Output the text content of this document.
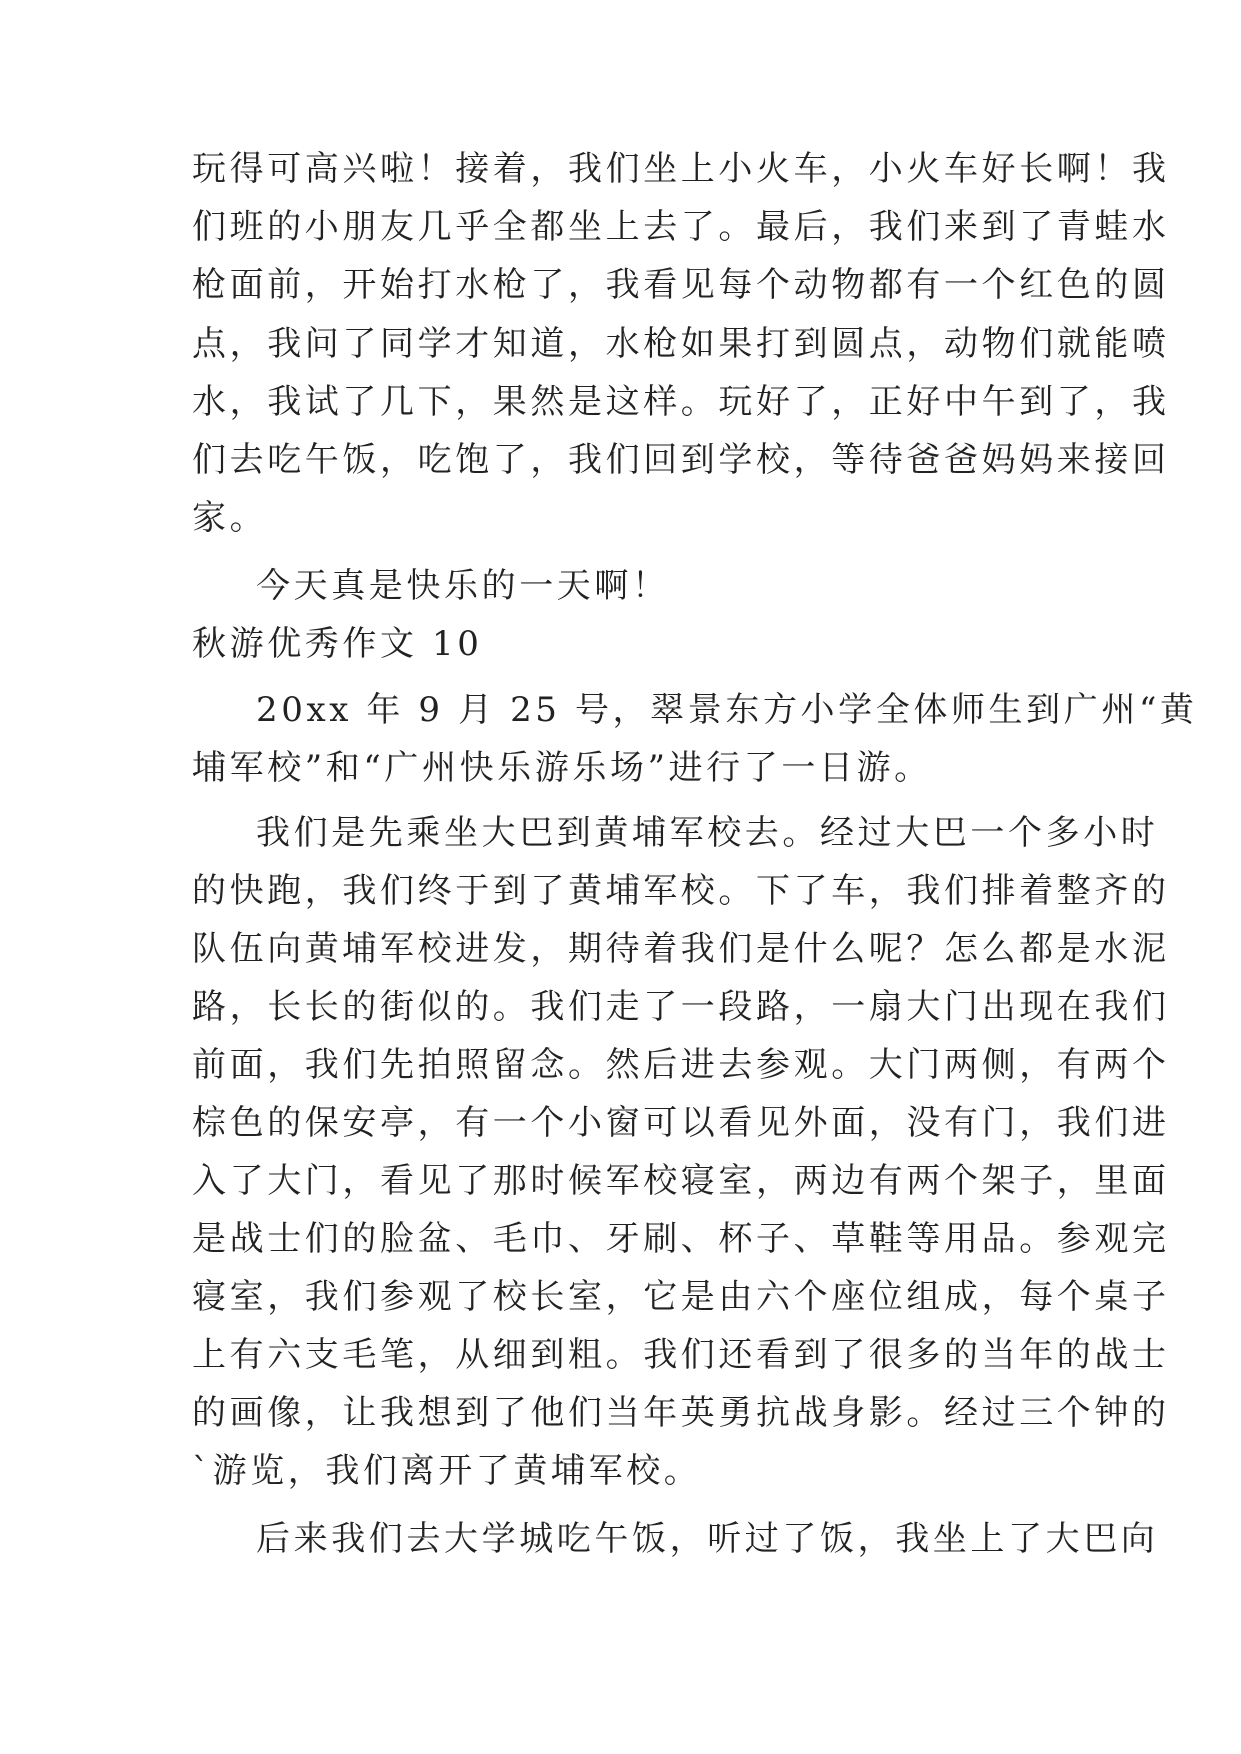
玩得可高兴啦！接着，我们坐上小火车，小火车好长啊！我
们班的小朋友几乎全都坐上去了。最后，我们来到了青蛙水
枪面前，开始打水枪了，我看见每个动物都有一个红色的圆
点，我问了同学才知道，水枪如果打到圆点，动物们就能喷
水，我试了几下，果然是这样。玩好了，正好中午到了，我
们去吃午饭，吃饱了，我们回到学校，等待爸爸妈妈来接回
家。
今天真是快乐的一天啊！
秋游优秀作文 10
20xx 年 9 月 25 号，翠景东方小学全体师生到广州“黄
埔军校”和“广州快乐游乐场”进行了一日游。
我们是先乘坐大巴到黄埔军校去。经过大巴一个多小时
的快跑，我们终于到了黄埔军校。下了车，我们排着整齐的
队伍向黄埔军校进发，期待着我们是什么呢？怎么都是水泥
路，长长的街似的。我们走了一段路，一扇大门出现在我们
前面，我们先拍照留念。然后进去参观。大门两侧，有两个
棕色的保安亭，有一个小窗可以看见外面，没有门，我们进
入了大门，看见了那时候军校寝室，两边有两个架子，里面
是战士们的脸盆、毛巾、牙刷、杯子、草鞋等用品。参观完
寝室，我们参观了校长室，它是由六个座位组成，每个桌子
上有六支毛笔，从细到粗。我们还看到了很多的当年的战士
的画像，让我想到了他们当年英勇抗战身影。经过三个钟的
`游览，我们离开了黄埔军校。
后来我们去大学城吃午饭，听过了饭，我坐上了大巴向
